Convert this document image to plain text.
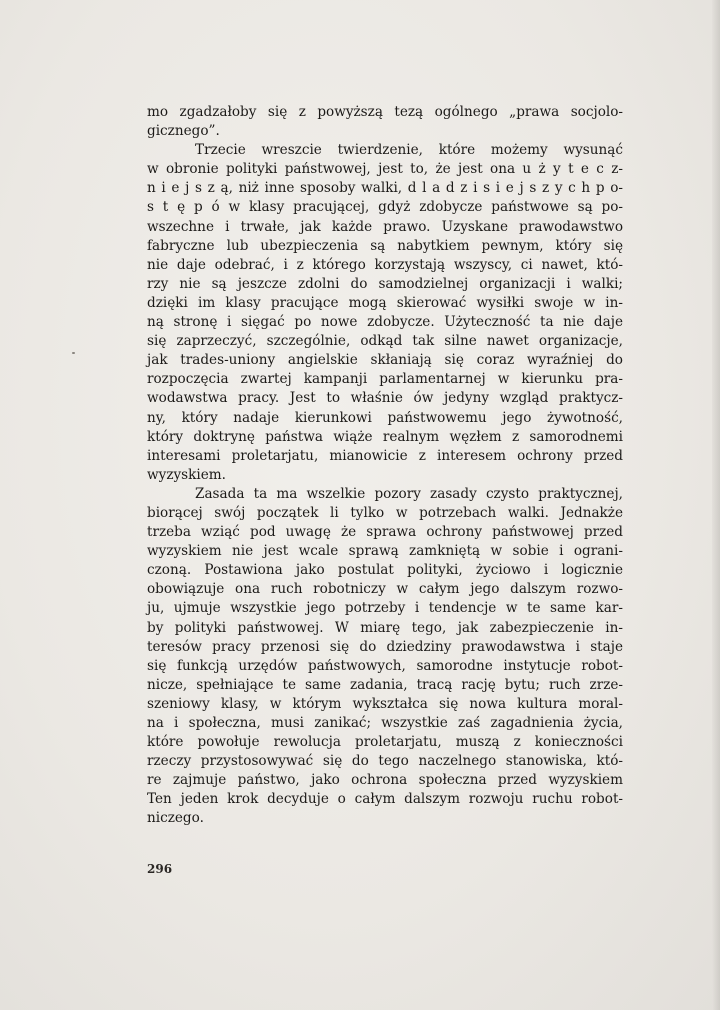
mo zgadzałoby się z powyższą tezą ogólnego „prawa socjolo-
gicznego”.
Trzecie wreszcie twierdzenie, które możemy wysunąć
w obronie polityki państwowej, jest to, że jest ona u ż y t e c z-
n i e j s z ą, niż inne sposoby walki, d l a d z i s i e j s z y c h p o-
s t ę p ó w klasy pracującej, gdyż zdobycze państwowe są po-
wszechne i trwałe, jak każde prawo. Uzyskane prawodawstwo
fabryczne lub ubezpieczenia są nabytkiem pewnym, który się
nie daje odebrać, i z którego korzystają wszyscy, ci nawet, któ-
rzy nie są jeszcze zdolni do samodzielnej organizacji i walki;
dzięki im klasy pracujące mogą skierować wysiłki swoje w in-
ną stronę i sięgać po nowe zdobycze. Użyteczność ta nie daje
się zaprzeczyć, szczególnie, odkąd tak silne nawet organizacje,
jak trades-uniony angielskie skłaniają się coraz wyraźniej do
rozpoczęcia zwartej kampanji parlamentarnej w kierunku pra-
wodawstwa pracy. Jest to właśnie ów jedyny wzgląd praktycz-
ny, który nadaje kierunkowi państwowemu jego żywotność,
który doktrynę państwa wiąże realnym węzłem z samorodnemi
interesami proletarjatu, mianowicie z interesem ochrony przed
wyzyskiem.
Zasada ta ma wszelkie pozory zasady czysto praktycznej,
biorącej swój początek li tylko w potrzebach walki. Jednakże
trzeba wziąć pod uwagę że sprawa ochrony państwowej przed
wyzyskiem nie jest wcale sprawą zamkniętą w sobie i ograni-
czoną. Postawiona jako postulat polityki, życiowo i logicznie
obowiązuje ona ruch robotniczy w całym jego dalszym rozwo-
ju, ujmuje wszystkie jego potrzeby i tendencje w te same kar-
by polityki państwowej. W miarę tego, jak zabezpieczenie in-
teresów pracy przenosi się do dziedziny prawodawstwa i staje
się funkcją urzędów państwowych, samorodne instytucje robot-
nicze, spełniające te same zadania, tracą rację bytu; ruch zrze-
szeniowy klasy, w którym wykształca się nowa kultura moral-
na i społeczna, musi zanikać; wszystkie zaś zagadnienia życia,
które powołuje rewolucja proletarjatu, muszą z konieczności
rzeczy przystosowywać się do tego naczelnego stanowiska, któ-
re zajmuje państwo, jako ochrona społeczna przed wyzyskiem
Ten jeden krok decyduje o całym dalszym rozwoju ruchu robot-
niczego.
296
